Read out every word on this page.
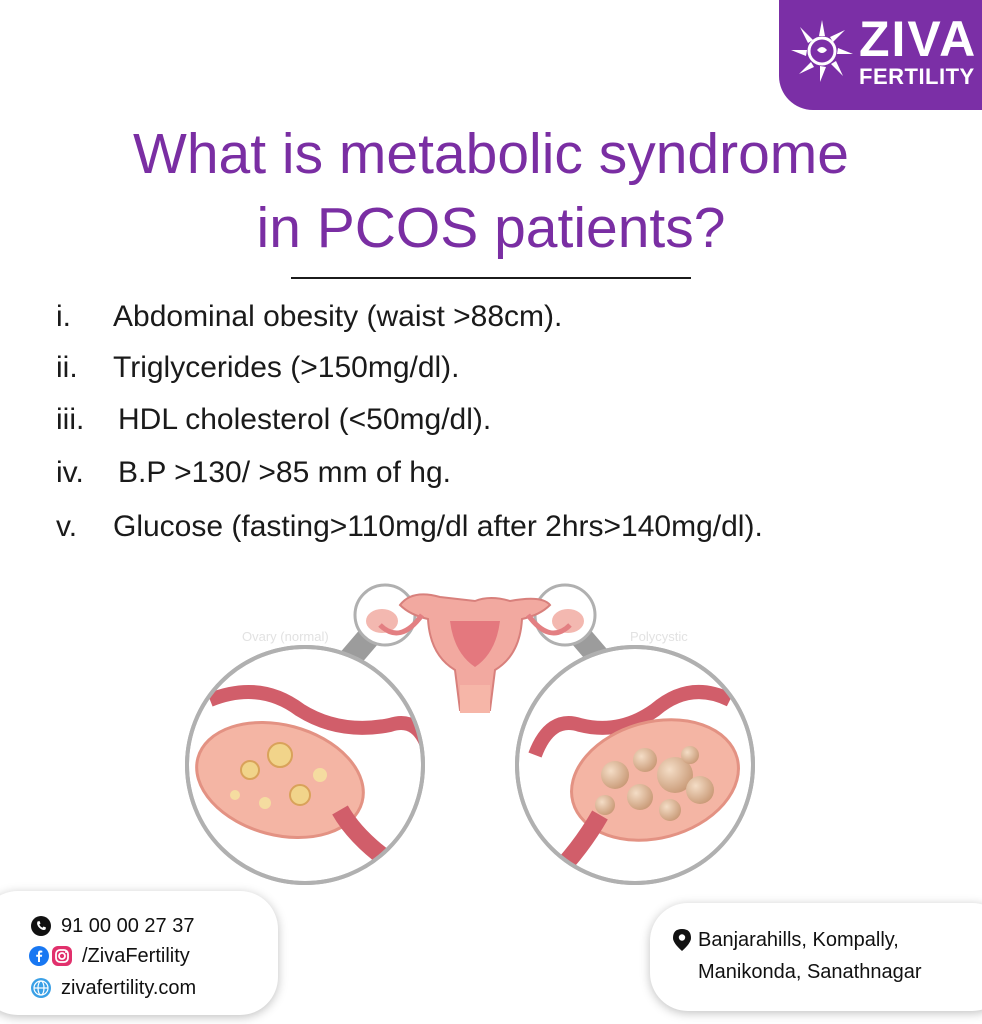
ZIVA
FERTILITY
What is metabolic syndrome
in PCOS patients?
i. Abdominal obesity (waist >88cm).
ii. Triglycerides (>150mg/dl).
iii. HDL cholesterol (<50mg/dl).
iv. B.P >130/ >85 mm of hg.
v. Glucose (fasting>110mg/dl after 2hrs>140mg/dl).
Ovary (normal)	Polycystic
91 00 00 27 37
/ZivaFertility
zivafertility.com
Banjarahills, Kompally,
Manikonda, Sanathnagar
